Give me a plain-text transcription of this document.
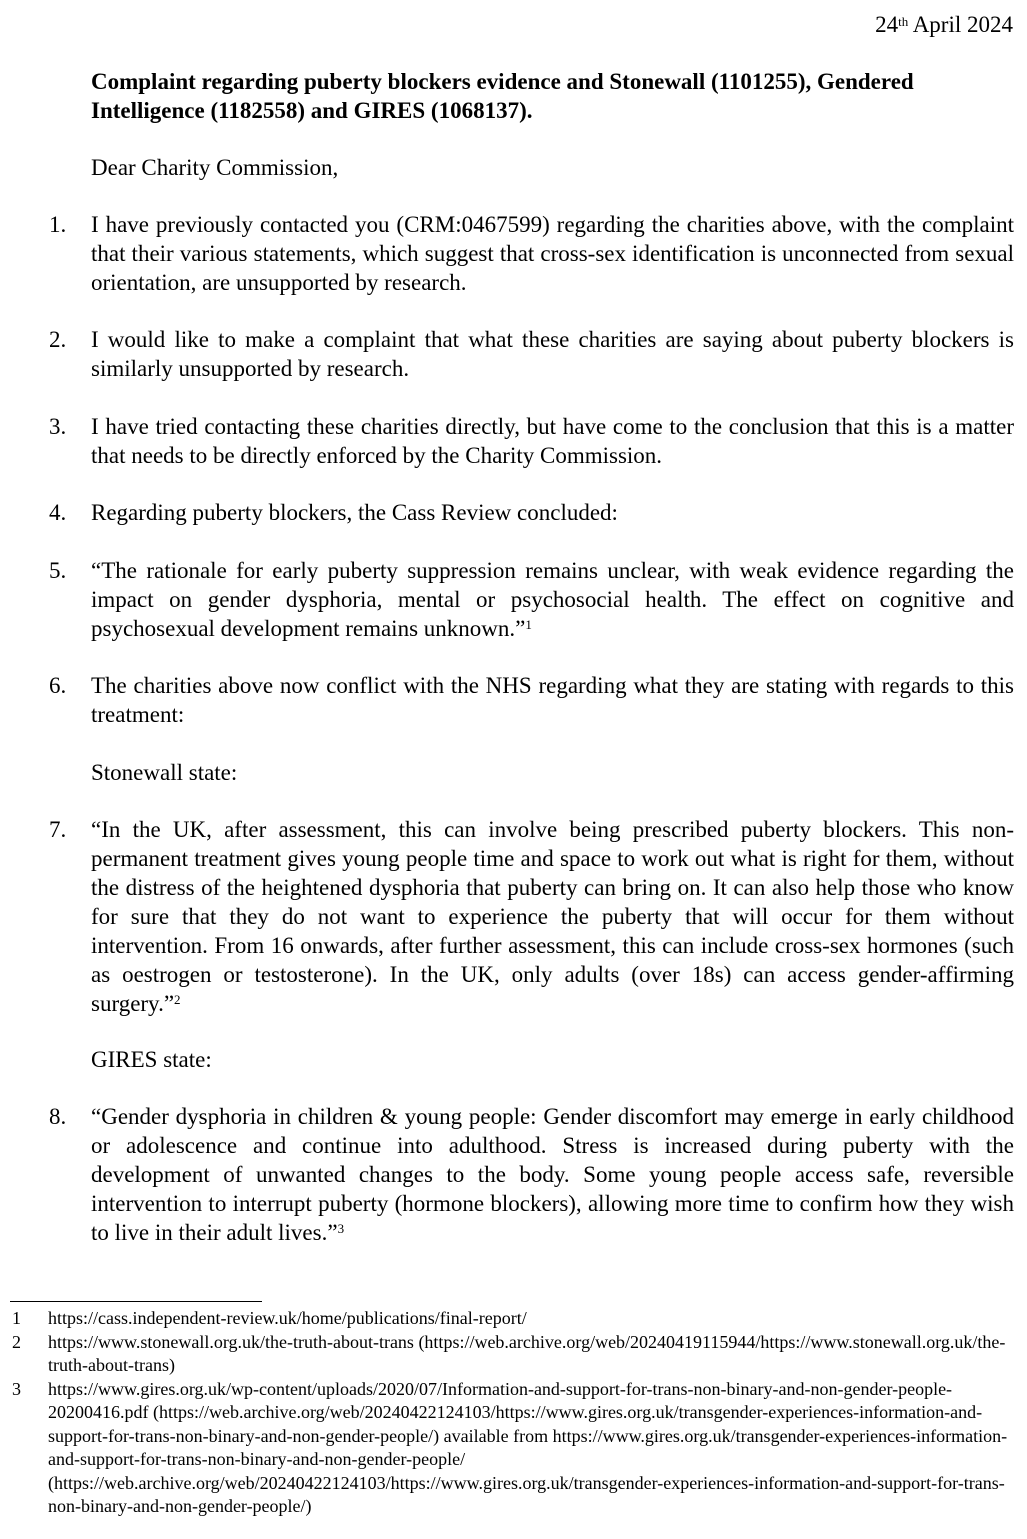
24th April 2024
Complaint regarding puberty blockers evidence and Stonewall (1101255), Gendered Intelligence (1182558) and GIRES (1068137).
Dear Charity Commission,
1.	I have previously contacted you (CRM:0467599) regarding the charities above, with the complaint that their various statements, which suggest that cross-sex identification is unconnected from sexual orientation, are unsupported by research.
2.	I would like to make a complaint that what these charities are saying about puberty blockers is similarly unsupported by research.
3.	I have tried contacting these charities directly, but have come to the conclusion that this is a matter that needs to be directly enforced by the Charity Commission.
4.	Regarding puberty blockers, the Cass Review concluded:
5.	“The rationale for early puberty suppression remains unclear, with weak evidence regarding the impact on gender dysphoria, mental or psychosocial health. The effect on cognitive and psychosexual development remains unknown.”$^1$
6.	The charities above now conflict with the NHS regarding what they are stating with regards to this treatment:
Stonewall state:
7.	“In the UK, after assessment, this can involve being prescribed puberty blockers. This non-permanent treatment gives young people time and space to work out what is right for them, without the distress of the heightened dysphoria that puberty can bring on. It can also help those who know for sure that they do not want to experience the puberty that will occur for them without intervention. From 16 onwards, after further assessment, this can include cross-sex hormones (such as oestrogen or testosterone). In the UK, only adults (over 18s) can access gender-affirming surgery.”$^2$
GIRES state:
8.	“Gender dysphoria in children & young people: Gender discomfort may emerge in early childhood or adolescence and continue into adulthood. Stress is increased during puberty with the development of unwanted changes to the body. Some young people access safe, reversible intervention to interrupt puberty (hormone blockers), allowing more time to confirm how they wish to live in their adult lives.”$^3$
1 https://cass.independent-review.uk/home/publications/final-report/
2 https://www.stonewall.org.uk/the-truth-about-trans (https://web.archive.org/web/20240419115944/https://www.stonewall.org.uk/the-truth-about-trans)
3 https://www.gires.org.uk/wp-content/uploads/2020/07/Information-and-support-for-trans-non-binary-and-non-gender-people-20200416.pdf (https://web.archive.org/web/20240422124103/https://www.gires.org.uk/transgender-experiences-information-and-support-for-trans-non-binary-and-non-gender-people/) available from https://www.gires.org.uk/transgender-experiences-information-and-support-for-trans-non-binary-and-non-gender-people/ (https://web.archive.org/web/20240422124103/https://www.gires.org.uk/transgender-experiences-information-and-support-for-trans-non-binary-and-non-gender-people/)
